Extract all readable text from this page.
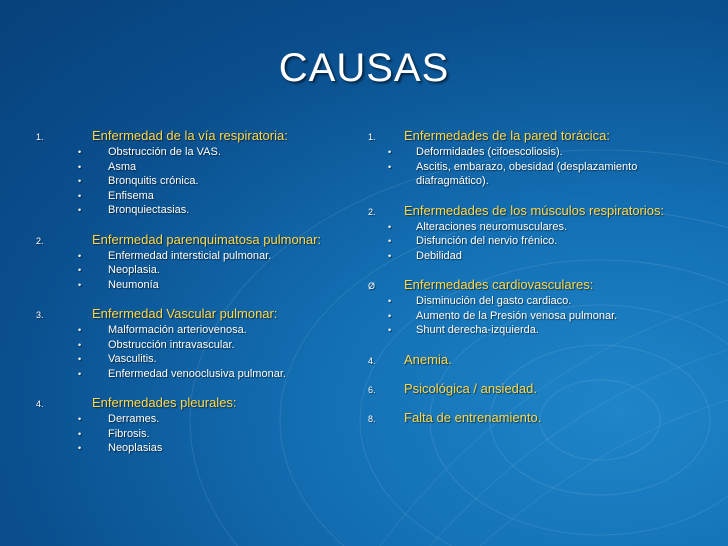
CAUSAS
1.	Enfermedad de la vía respiratoria:
•	Obstrucción de la VAS.
•	Asma
•	Bronquitis crónica.
•	Enfisema
•	Bronquiectasias.
2.	Enfermedad parenquimatosa pulmonar:
•	Enfermedad intersticial pulmonar.
•	Neoplasia.
•	Neumonía
3.	Enfermedad Vascular pulmonar:
•	Malformación arteriovenosa.
•	Obstrucción intravascular.
•	Vasculitis.
•	Enfermedad venooclusiva pulmonar.
4.	Enfermedades pleurales:
•	Derrames.
•	Fibrosis.
•	Neoplasias
1.	Enfermedades de la pared torácica:
•	Deformidades (cifoescoliosis).
•	Ascitis, embarazo, obesidad (desplazamiento diafragmático).
2.	Enfermedades de los músculos respiratorios:
•	Alteraciones neuromusculares.
•	Disfunción del nervio frénico.
•	Debilidad
Ø	Enfermedades cardiovasculares:
•	Disminución del gasto cardiaco.
•	Aumento de la Presión venosa pulmonar.
•	Shunt derecha-izquierda.
4.	Anemia.
6.	Psicológica / ansiedad.
8.	Falta de entrenamiento.
